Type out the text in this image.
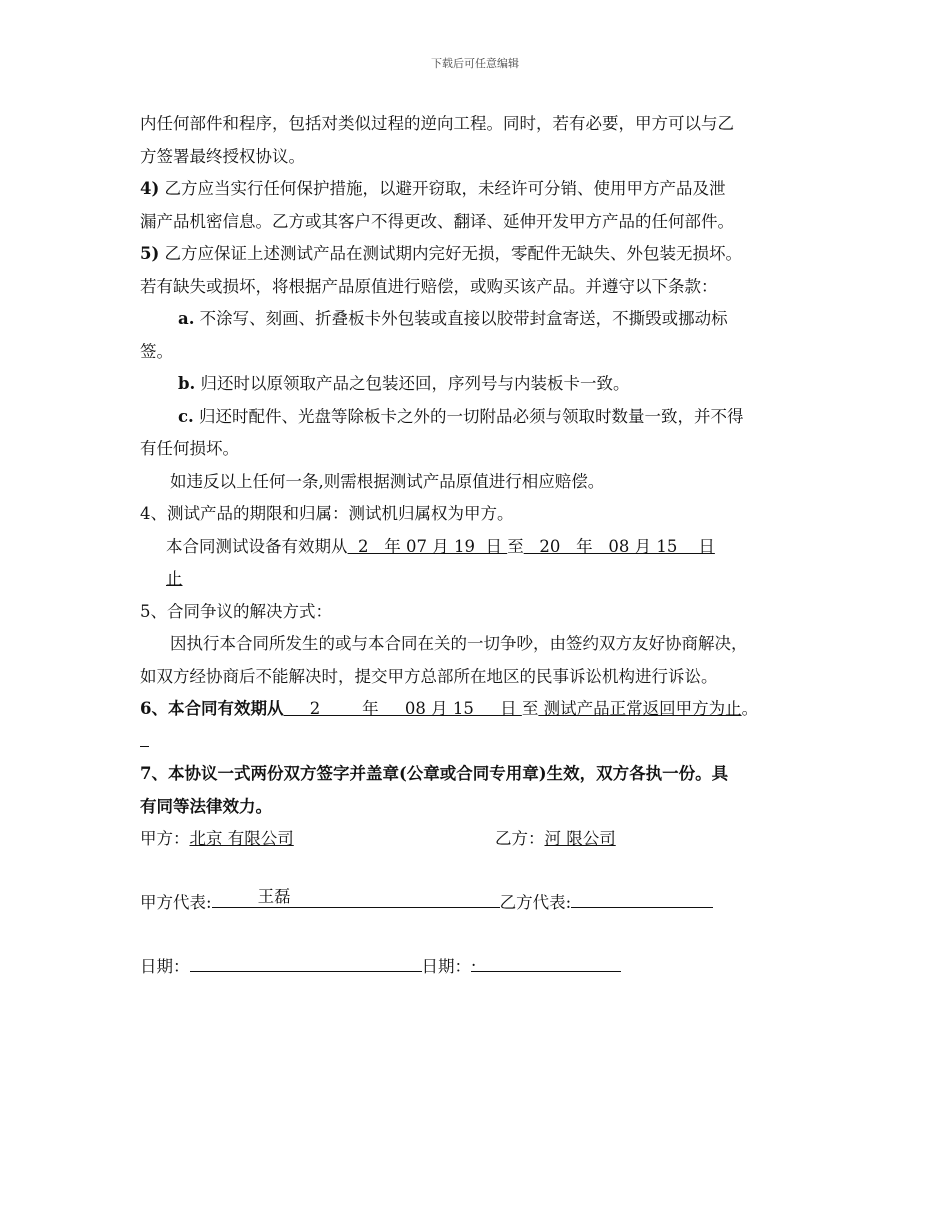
下载后可任意编辑

内任何部件和程序，包括对类似过程的逆向工程。同时，若有必要，甲方可以与乙

方签署最终授权协议。

4) 乙方应当实行任何保护措施，以避开窃取，未经许可分销、使用甲方产品及泄

漏产品机密信息。乙方或其客户不得更改、翻译、延伸开发甲方产品的任何部件。

5) 乙方应保证上述测试产品在测试期内完好无损，零配件无缺失、外包装无损坏。

若有缺失或损坏，将根据产品原值进行赔偿，或购买该产品。并遵守以下条款：

a. 不涂写、刻画、折叠板卡外包装或直接以胶带封盒寄送，不撕毁或挪动标

签。

b. 归还时以原领取产品之包装还回，序列号与内装板卡一致。

c. 归还时配件、光盘等除板卡之外的一切附品必须与领取时数量一致，并不得

有任何损坏。

如违反以上任何一条,则需根据测试产品原值进行相应赔偿。

4、测试产品的期限和归属：测试机归属权为甲方。

本合同测试设备有效期从  2   年 07 月 19  日 至   20   年   08 月 15    日

止

5、合同争议的解决方式：

因执行本合同所发生的或与本合同在关的一切争吵，由签约双方友好协商解决，

如双方经协商后不能解决时，提交甲方总部所在地区的民事诉讼机构进行诉讼。

6、本合同有效期从     2        年     08 月 15     日 至 测试产品正常返回甲方为止。

7、本协议一式两份双方签字并盖章(公章或合同专用章)生效，双方各执一份。具

有同等法律效力。

甲方：北京 有限公司	乙方：河 限公司
甲方代表:	王磊	乙方代表:
日期：	日期： .
